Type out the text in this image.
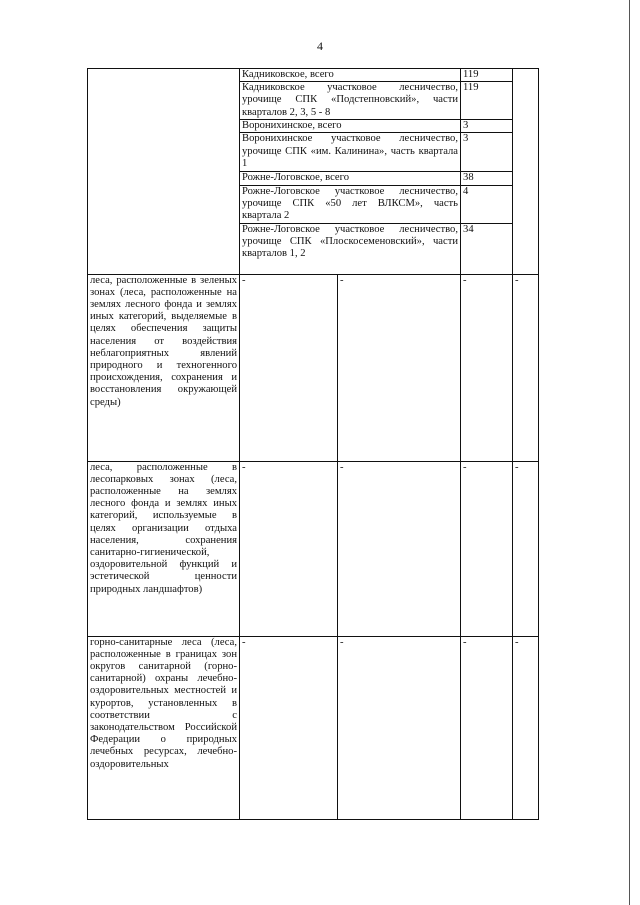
4
	Кадниковское, всего		119	
	Кадниковское участковое лесничество, урочище СПК «Подстепновский», части кварталов 2, 3, 5 - 8		119	
	Воронихинское, всего		3	
	Воронихинское участковое лесничество, урочище СПК «им. Калинина», часть квартала 1		3	
	Рожне-Логовское, всего		38	
	Рожне-Логовское участковое лесничество, урочище СПК «50 лет ВЛКСМ», часть квартала 2		4	
	Рожне-Логовское участковое лесничество, урочище СПК «Плоскосеменовский», части кварталов 1, 2		34	
леса, расположенные в зеленых зонах (леса, расположенные на землях лесного фонда и землях иных категорий, выделяемые в целях обеспечения защиты населения от воздействия неблагоприятных явлений природного и техногенного происхождения, сохранения и восстановления окружающей среды)	-	-	-	-
леса, расположенные в лесопарковых зонах (леса, расположенные на землях лесного фонда и землях иных категорий, используемые в целях организации отдыха населения, сохранения санитарно-гигиенической, оздоровительной функций и эстетической ценности природных ландшафтов)	-	-	-	-
горно-санитарные леса (леса, расположенные в границах зон округов санитарной (горно-санитарной) охраны лечебно-оздоровительных местностей и курортов, установленных в соответствии с законодательством Российской Федерации о природных лечебных ресурсах, лечебно-оздоровительных	-	-	-	-
